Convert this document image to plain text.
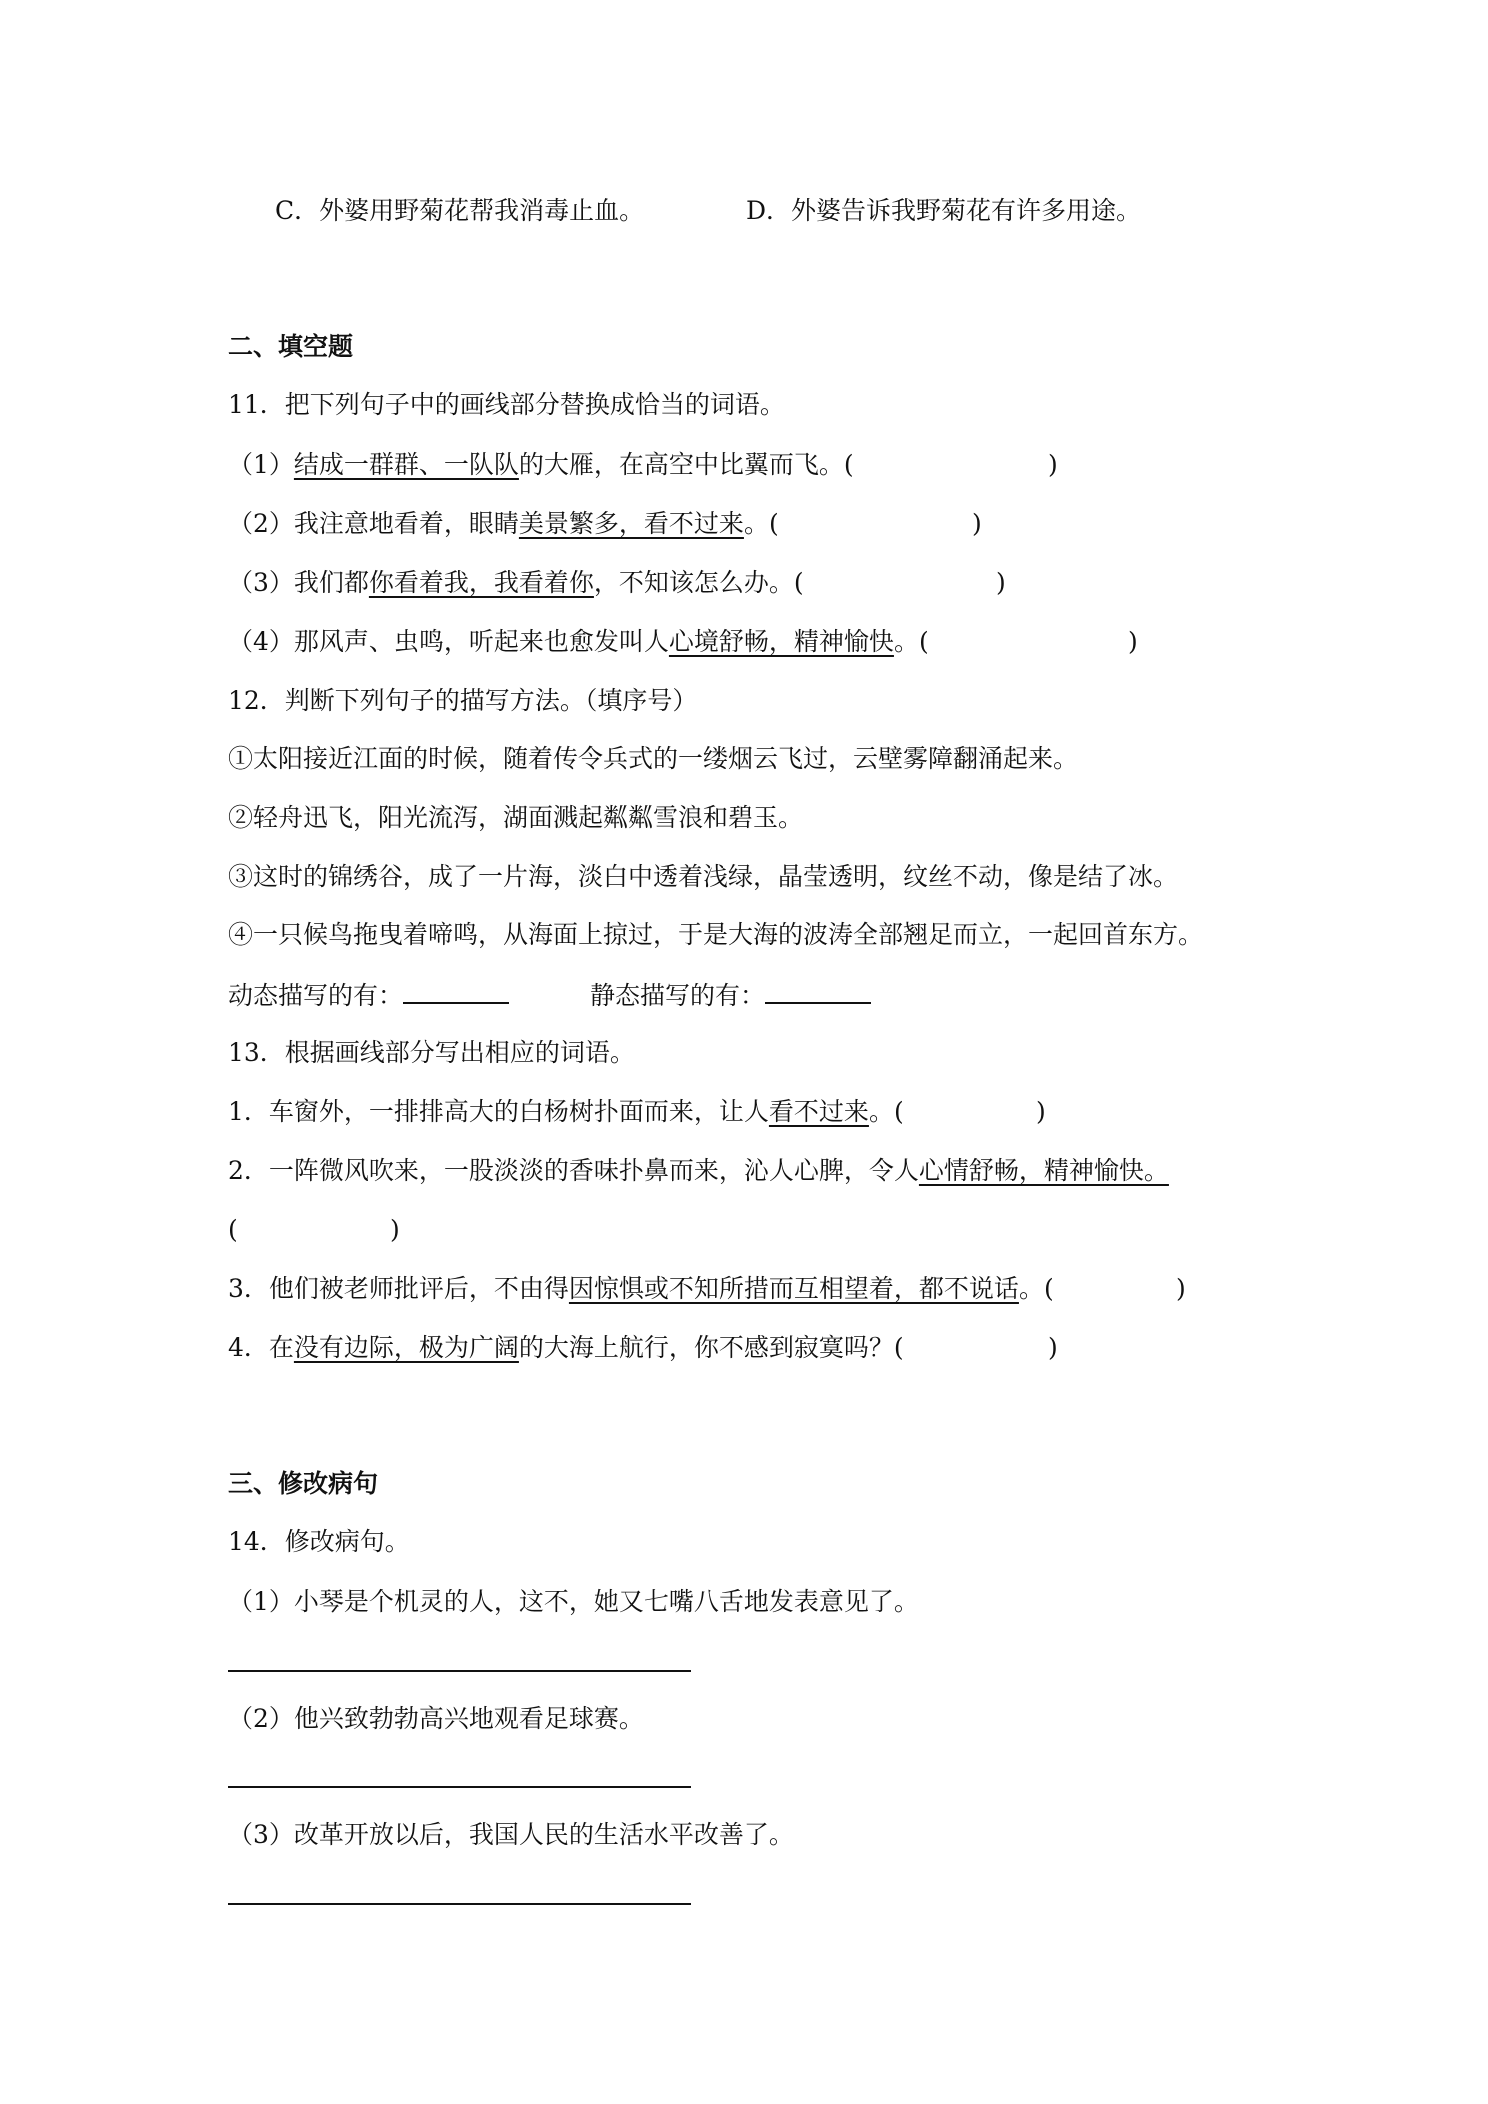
C．外婆用野菊花帮我消毒止血。	D．外婆告诉我野菊花有许多用途。
二、填空题
11．把下列句子中的画线部分替换成恰当的词语。
（1）结成一群群、一队队的大雁，在高空中比翼而飞。(	)
（2）我注意地看着，眼睛美景繁多，看不过来。(	)
（3）我们都你看着我，我看着你，不知该怎么办。(	)
（4）那风声、虫鸣，听起来也愈发叫人心境舒畅，精神愉快。(	)
12．判断下列句子的描写方法。（填序号）
①太阳接近江面的时候，随着传令兵式的一缕烟云飞过，云壁雾障翻涌起来。
②轻舟迅飞，阳光流泻，湖面溅起粼粼雪浪和碧玉。
③这时的锦绣谷，成了一片海，淡白中透着浅绿，晶莹透明，纹丝不动，像是结了冰。
④一只候鸟拖曳着啼鸣，从海面上掠过，于是大海的波涛全部翘足而立，一起回首东方。
动态描写的有：	静态描写的有：
13．根据画线部分写出相应的词语。
1．车窗外，一排排高大的白杨树扑面而来，让人看不过来。(	)
2．一阵微风吹来，一股淡淡的香味扑鼻而来，沁人心脾，令人心情舒畅，精神愉快。
(	)
3．他们被老师批评后，不由得因惊惧或不知所措而互相望着，都不说话。(	)
4．在没有边际，极为广阔的大海上航行，你不感到寂寞吗？(	)
三、修改病句
14．修改病句。
（1）小琴是个机灵的人，这不，她又七嘴八舌地发表意见了。
（2）他兴致勃勃高兴地观看足球赛。
（3）改革开放以后，我国人民的生活水平改善了。
